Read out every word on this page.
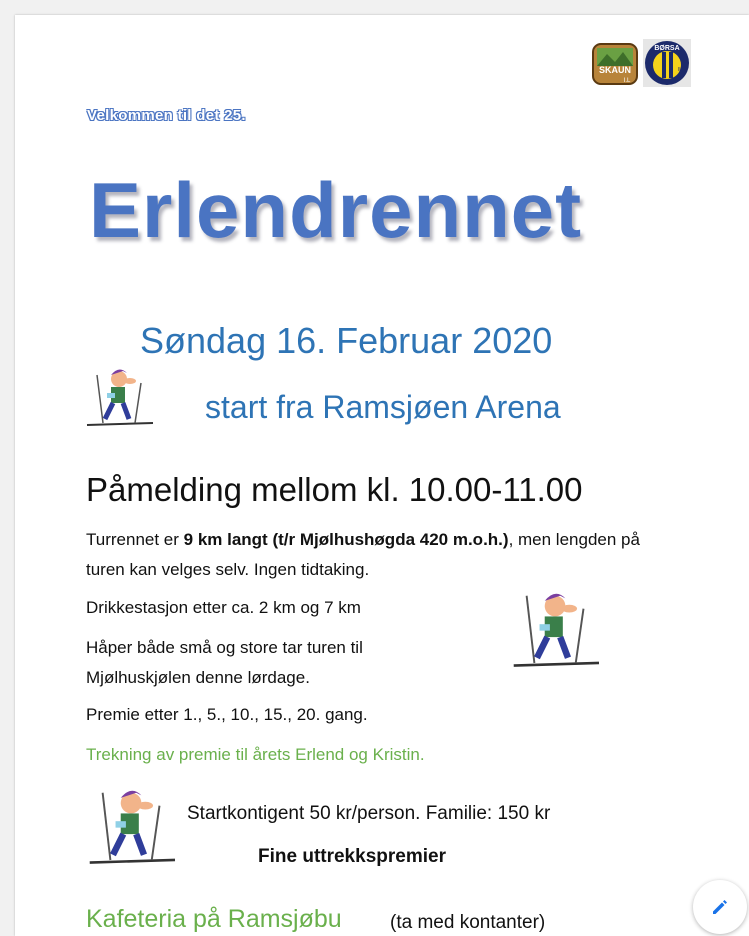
SKAUN
I.L
BØRSA
IL
Velkommen til det 25.
Erlendrennet
Søndag 16. Februar 2020
start fra Ramsjøen Arena
Påmelding mellom kl. 10.00-11.00
Turrennet er 9 km langt (t/r Mjølhushøgda 420 m.o.h.), men lengden på turen kan velges selv. Ingen tidtaking.
Drikkestasjon etter ca. 2 km og 7 km
Håper både små og store tar turen til Mjølhuskjølen denne lørdage.
Premie etter 1., 5., 10., 15., 20. gang.
Trekning av premie til årets Erlend og Kristin.
Startkontigent 50 kr/person. Familie: 150 kr
Fine uttrekkspremier
Kafeteria på Ramsjøbu	(ta med kontanter)
